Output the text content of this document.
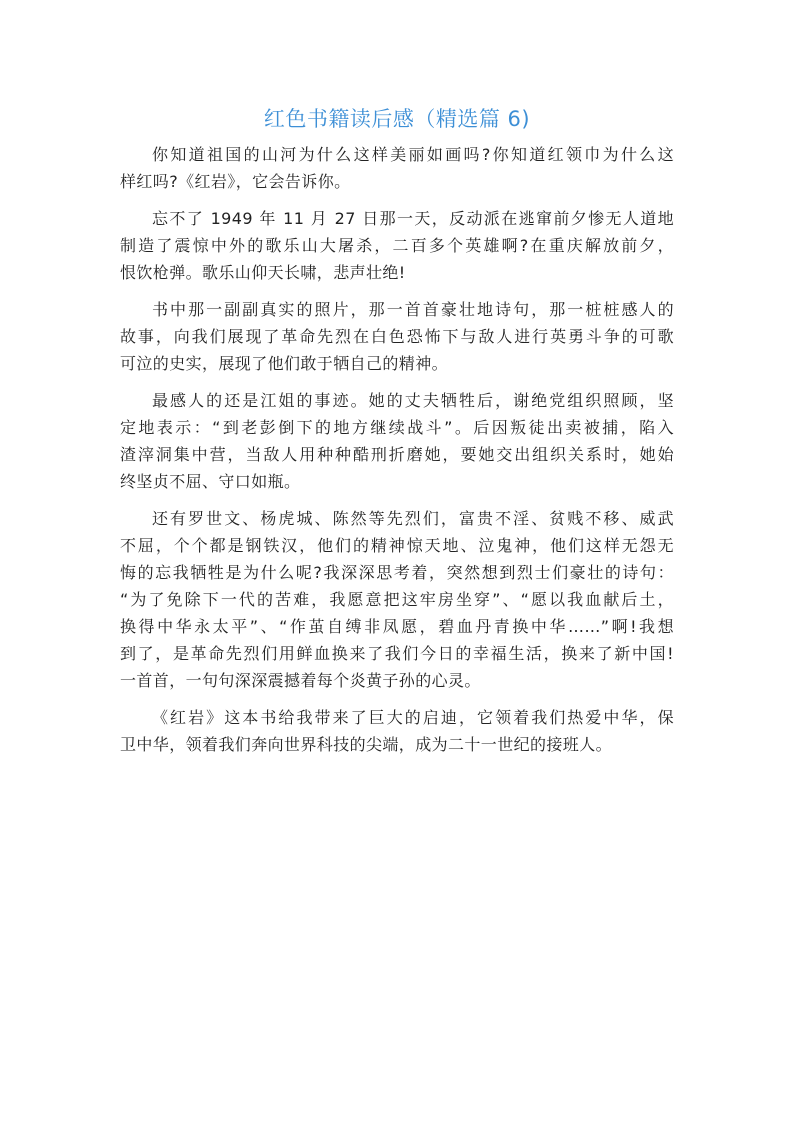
红色书籍读后感（精选篇 6)
你知道祖国的山河为什么这样美丽如画吗?你知道红领巾为什么这
样红吗?《红岩》，它会告诉你。
忘不了 1949 年 11 月 27 日那一天，反动派在逃窜前夕惨无人道地
制造了震惊中外的歌乐山大屠杀，二百多个英雄啊?在重庆解放前夕，
恨饮枪弹。歌乐山仰天长啸，悲声壮绝!
书中那一副副真实的照片，那一首首豪壮地诗句，那一桩桩感人的
故事，向我们展现了革命先烈在白色恐怖下与敌人进行英勇斗争的可歌
可泣的史实，展现了他们敢于牺自己的精神。
最感人的还是江姐的事迹。她的丈夫牺牲后，谢绝党组织照顾，坚
定地表示：“到老彭倒下的地方继续战斗”。后因叛徒出卖被捕，陷入
渣滓洞集中营，当敌人用种种酷刑折磨她，要她交出组织关系时，她始
终坚贞不屈、守口如瓶。
还有罗世文、杨虎城、陈然等先烈们，富贵不淫、贫贱不移、威武
不屈，个个都是钢铁汉，他们的精神惊天地、泣鬼神，他们这样无怨无
悔的忘我牺牲是为什么呢?我深深思考着，突然想到烈士们豪壮的诗句：
“为了免除下一代的苦难，我愿意把这牢房坐穿”、“愿以我血献后土，
换得中华永太平”、“作茧自缚非凤愿，碧血丹青换中华……”啊!我想
到了，是革命先烈们用鲜血换来了我们今日的幸福生活，换来了新中国!
一首首，一句句深深震撼着每个炎黄子孙的心灵。
《红岩》这本书给我带来了巨大的启迪，它领着我们热爱中华，保
卫中华，领着我们奔向世界科技的尖端，成为二十一世纪的接班人。
